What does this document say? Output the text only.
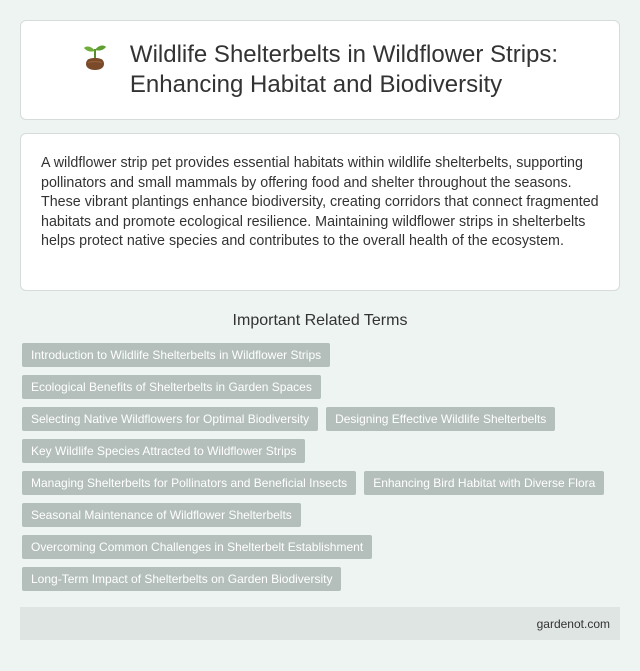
Wildlife Shelterbelts in Wildflower Strips:
Enhancing Habitat and Biodiversity

A wildflower strip pet provides essential habitats within wildlife shelterbelts, supporting pollinators and small mammals by offering food and shelter throughout the seasons. These vibrant plantings enhance biodiversity, creating corridors that connect fragmented habitats and promote ecological resilience. Maintaining wildflower strips in shelterbelts helps protect native species and contributes to the overall health of the ecosystem.

Important Related Terms
Introduction to Wildlife Shelterbelts in Wildflower Strips
Ecological Benefits of Shelterbelts in Garden Spaces
Selecting Native Wildflowers for Optimal Biodiversity	Designing Effective Wildlife Shelterbelts
Key Wildlife Species Attracted to Wildflower Strips
Managing Shelterbelts for Pollinators and Beneficial Insects	Enhancing Bird Habitat with Diverse Flora
Seasonal Maintenance of Wildflower Shelterbelts
Overcoming Common Challenges in Shelterbelt Establishment
Long-Term Impact of Shelterbelts on Garden Biodiversity
gardenot.com
